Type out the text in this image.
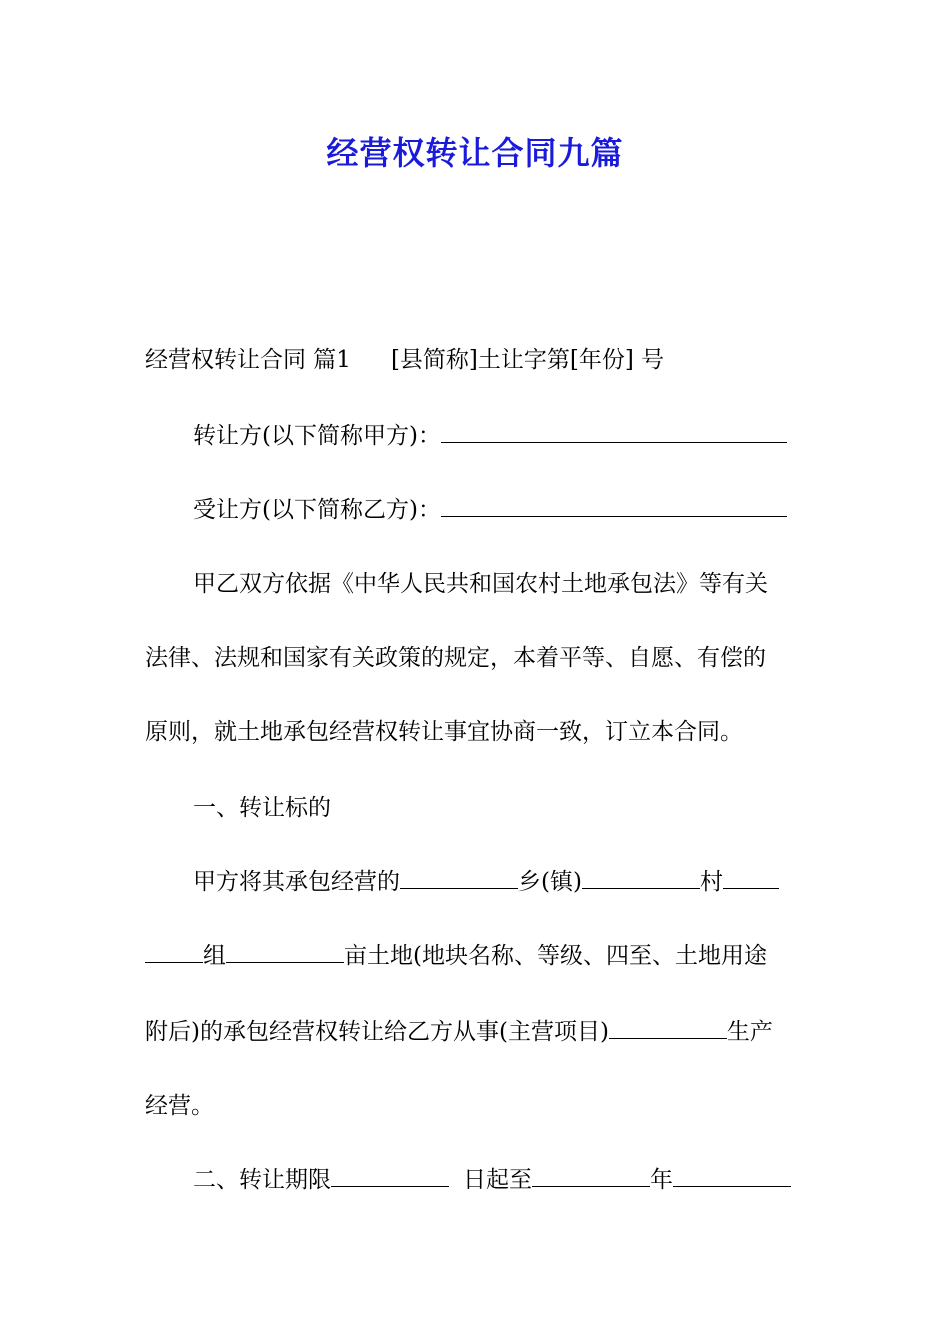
经营权转让合同九篇
经营权转让合同 篇1 [县简称]土让字第[年份] 号
转让方(以下简称甲方)：
受让方(以下简称乙方)：
甲乙双方依据《中华人民共和国农村土地承包法》等有关
法律、法规和国家有关政策的规定，本着平等、自愿、有偿的
原则，就土地承包经营权转让事宜协商一致，订立本合同。
一、转让标的
甲方将其承包经营的	乡(镇)	村
组	亩土地(地块名称、等级、四至、土地用途
附后)的承包经营权转让给乙方从事(主营项目)	生产
经营。
二、转让期限	日起至	年
